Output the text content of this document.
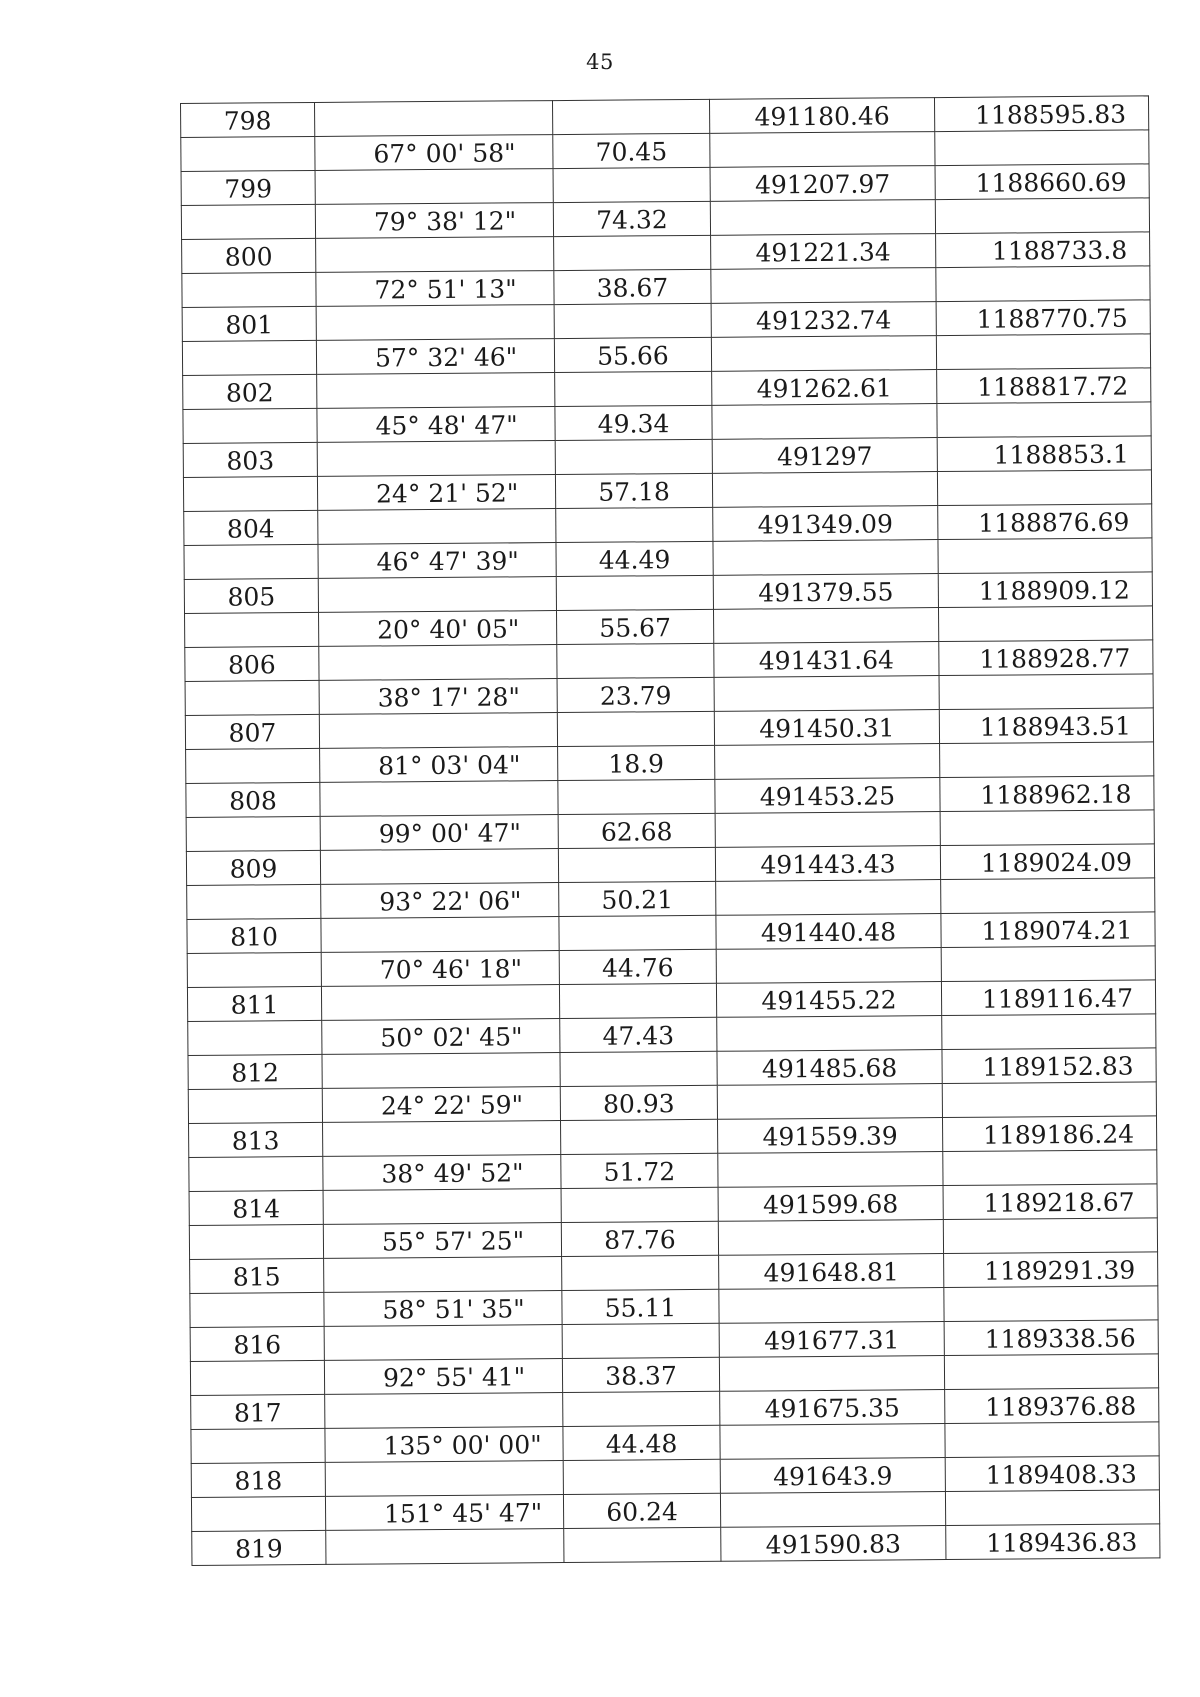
45
798			491180.46	1188595.83
	67° 00' 58"	70.45		
799			491207.97	1188660.69
	79° 38' 12"	74.32		
800			491221.34	1188733.8
	72° 51' 13"	38.67		
801			491232.74	1188770.75
	57° 32' 46"	55.66		
802			491262.61	1188817.72
	45° 48' 47"	49.34		
803			491297	1188853.1
	24° 21' 52"	57.18		
804			491349.09	1188876.69
	46° 47' 39"	44.49		
805			491379.55	1188909.12
	20° 40' 05"	55.67		
806			491431.64	1188928.77
	38° 17' 28"	23.79		
807			491450.31	1188943.51
	81° 03' 04"	18.9		
808			491453.25	1188962.18
	99° 00' 47"	62.68		
809			491443.43	1189024.09
	93° 22' 06"	50.21		
810			491440.48	1189074.21
	70° 46' 18"	44.76		
811			491455.22	1189116.47
	50° 02' 45"	47.43		
812			491485.68	1189152.83
	24° 22' 59"	80.93		
813			491559.39	1189186.24
	38° 49' 52"	51.72		
814			491599.68	1189218.67
	55° 57' 25"	87.76		
815			491648.81	1189291.39
	58° 51' 35"	55.11		
816			491677.31	1189338.56
	92° 55' 41"	38.37		
817			491675.35	1189376.88
	135° 00' 00"	44.48		
818			491643.9	1189408.33
	151° 45' 47"	60.24		
819			491590.83	1189436.83
